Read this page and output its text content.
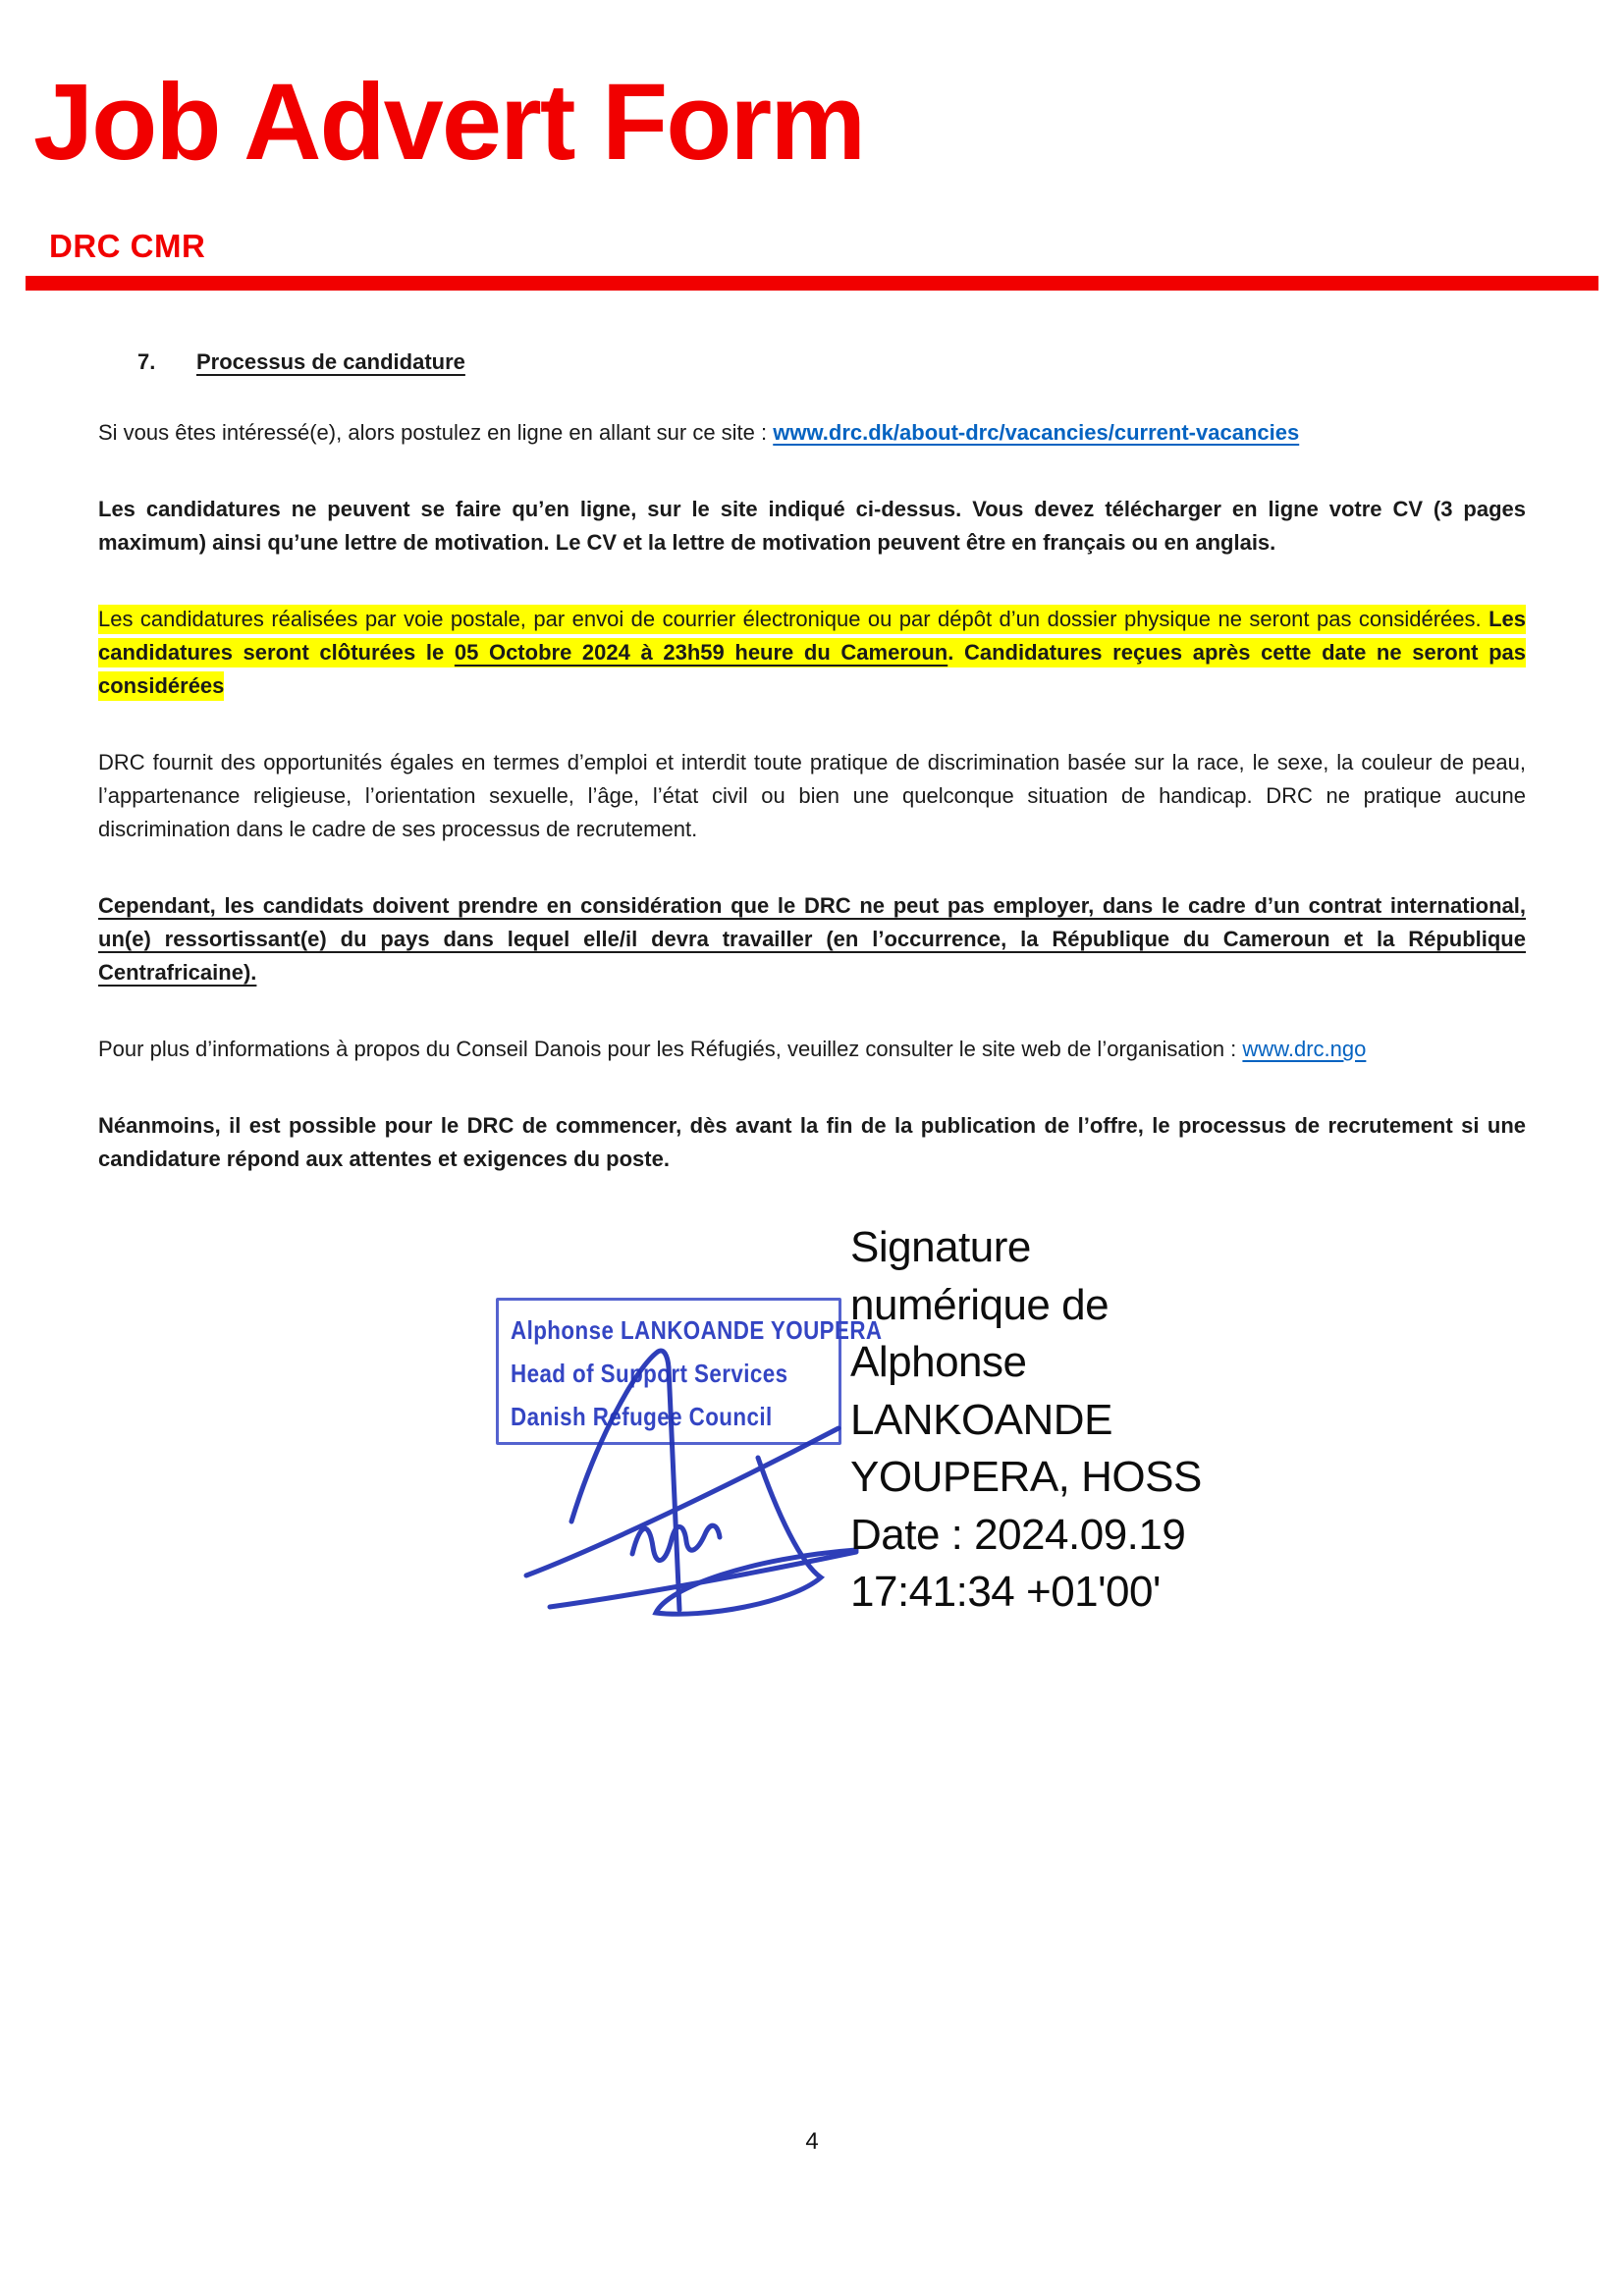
Job Advert Form
DRC CMR
7.	Processus de candidature

Si vous êtes intéressé(e), alors postulez en ligne en allant sur ce site : www.drc.dk/about-drc/vacancies/current-vacancies

Les candidatures ne peuvent se faire qu’en ligne, sur le site indiqué ci-dessus. Vous devez télécharger en ligne votre CV (3 pages maximum) ainsi qu’une lettre de motivation. Le CV et la lettre de motivation peuvent être en français ou en anglais.

Les candidatures réalisées par voie postale, par envoi de courrier électronique ou par dépôt d’un dossier physique ne seront pas considérées. Les candidatures seront clôturées le 05 Octobre 2024 à 23h59 heure du Cameroun. Candidatures reçues après cette date ne seront pas considérées

DRC fournit des opportunités égales en termes d’emploi et interdit toute pratique de discrimination basée sur la race, le sexe, la couleur de peau, l’appartenance religieuse, l’orientation sexuelle, l’âge, l’état civil ou bien une quelconque situation de handicap. DRC ne pratique aucune discrimination dans le cadre de ses processus de recrutement.

Cependant, les candidats doivent prendre en considération que le DRC ne peut pas employer, dans le cadre d’un contrat international, un(e) ressortissant(e) du pays dans lequel elle/il devra travailler (en l’occurrence, la République du Cameroun et la République Centrafricaine).

Pour plus d’informations à propos du Conseil Danois pour les Réfugiés, veuillez consulter le site web de l’organisation : www.drc.ngo

Néanmoins, il est possible pour le DRC de commencer, dès avant la fin de la publication de l’offre, le processus de recrutement si une candidature répond aux attentes et exigences du poste.

Alphonse LANKOANDE YOUPERA
Head of Support Services
Danish Refugee Council
Signature
numérique de
Alphonse
LANKOANDE
YOUPERA, HOSS
Date : 2024.09.19
17:41:34 +01'00'
4
